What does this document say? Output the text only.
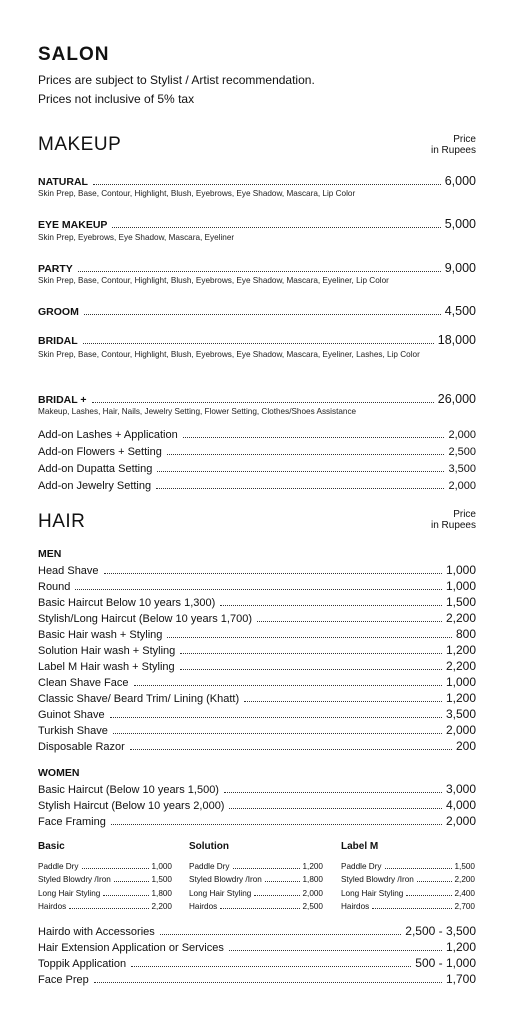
SALON
Prices are subject to Stylist / Artist recommendation.
Prices not inclusive of 5% tax
MAKEUP	Price
in Rupees
NATURAL	6,000
Skin Prep, Base, Contour, Highlight, Blush, Eyebrows, Eye Shadow, Mascara, Lip Color
EYE MAKEUP	5,000
Skin Prep, Eyebrows, Eye Shadow, Mascara, Eyeliner
PARTY	9,000
Skin Prep, Base, Contour, Highlight, Blush, Eyebrows, Eye Shadow, Mascara, Eyeliner, Lip Color
GROOM	4,500
BRIDAL	18,000
Skin Prep, Base, Contour, Highlight, Blush, Eyebrows, Eye Shadow, Mascara, Eyeliner, Lashes, Lip Color
BRIDAL +	26,000
Makeup, Lashes, Hair, Nails, Jewelry Setting, Flower Setting, Clothes/Shoes Assistance
Add-on Lashes + Application	2,000
Add-on Flowers + Setting	2,500
Add-on Dupatta Setting	3,500
Add-on Jewelry Setting	2,000
HAIR	Price
in Rupees
MEN
Head Shave	1,000
Round	1,000
Basic Haircut Below 10 years 1,300)	1,500
Stylish/Long Haircut (Below 10 years 1,700)	2,200
Basic Hair wash + Styling	800
Solution Hair wash + Styling	1,200
Label M Hair wash + Styling	2,200
Clean Shave Face	1,000
Classic Shave/ Beard Trim/ Lining (Khatt)	1,200
Guinot Shave	3,500
Turkish Shave	2,000
Disposable Razor	200
WOMEN
Basic Haircut (Below 10 years 1,500)	3,000
Stylish Haircut (Below 10 years 2,000)	4,000
Face Framing	2,000
Basic
Paddle Dry	1,000
Styled Blowdry /Iron	1,500
Long Hair Styling	1,800
Hairdos	2,200
Solution
Paddle Dry	1,200
Styled Blowdry /Iron	1,800
Long Hair Styling	2,000
Hairdos	2,500
Label M
Paddle Dry	1,500
Styled Blowdry /Iron	2,200
Long Hair Styling	2,400
Hairdos	2,700
Hairdo with Accessories	2,500 - 3,500
Hair Extension Application or Services	1,200
Toppik Application	500 - 1,000
Face Prep	1,700
